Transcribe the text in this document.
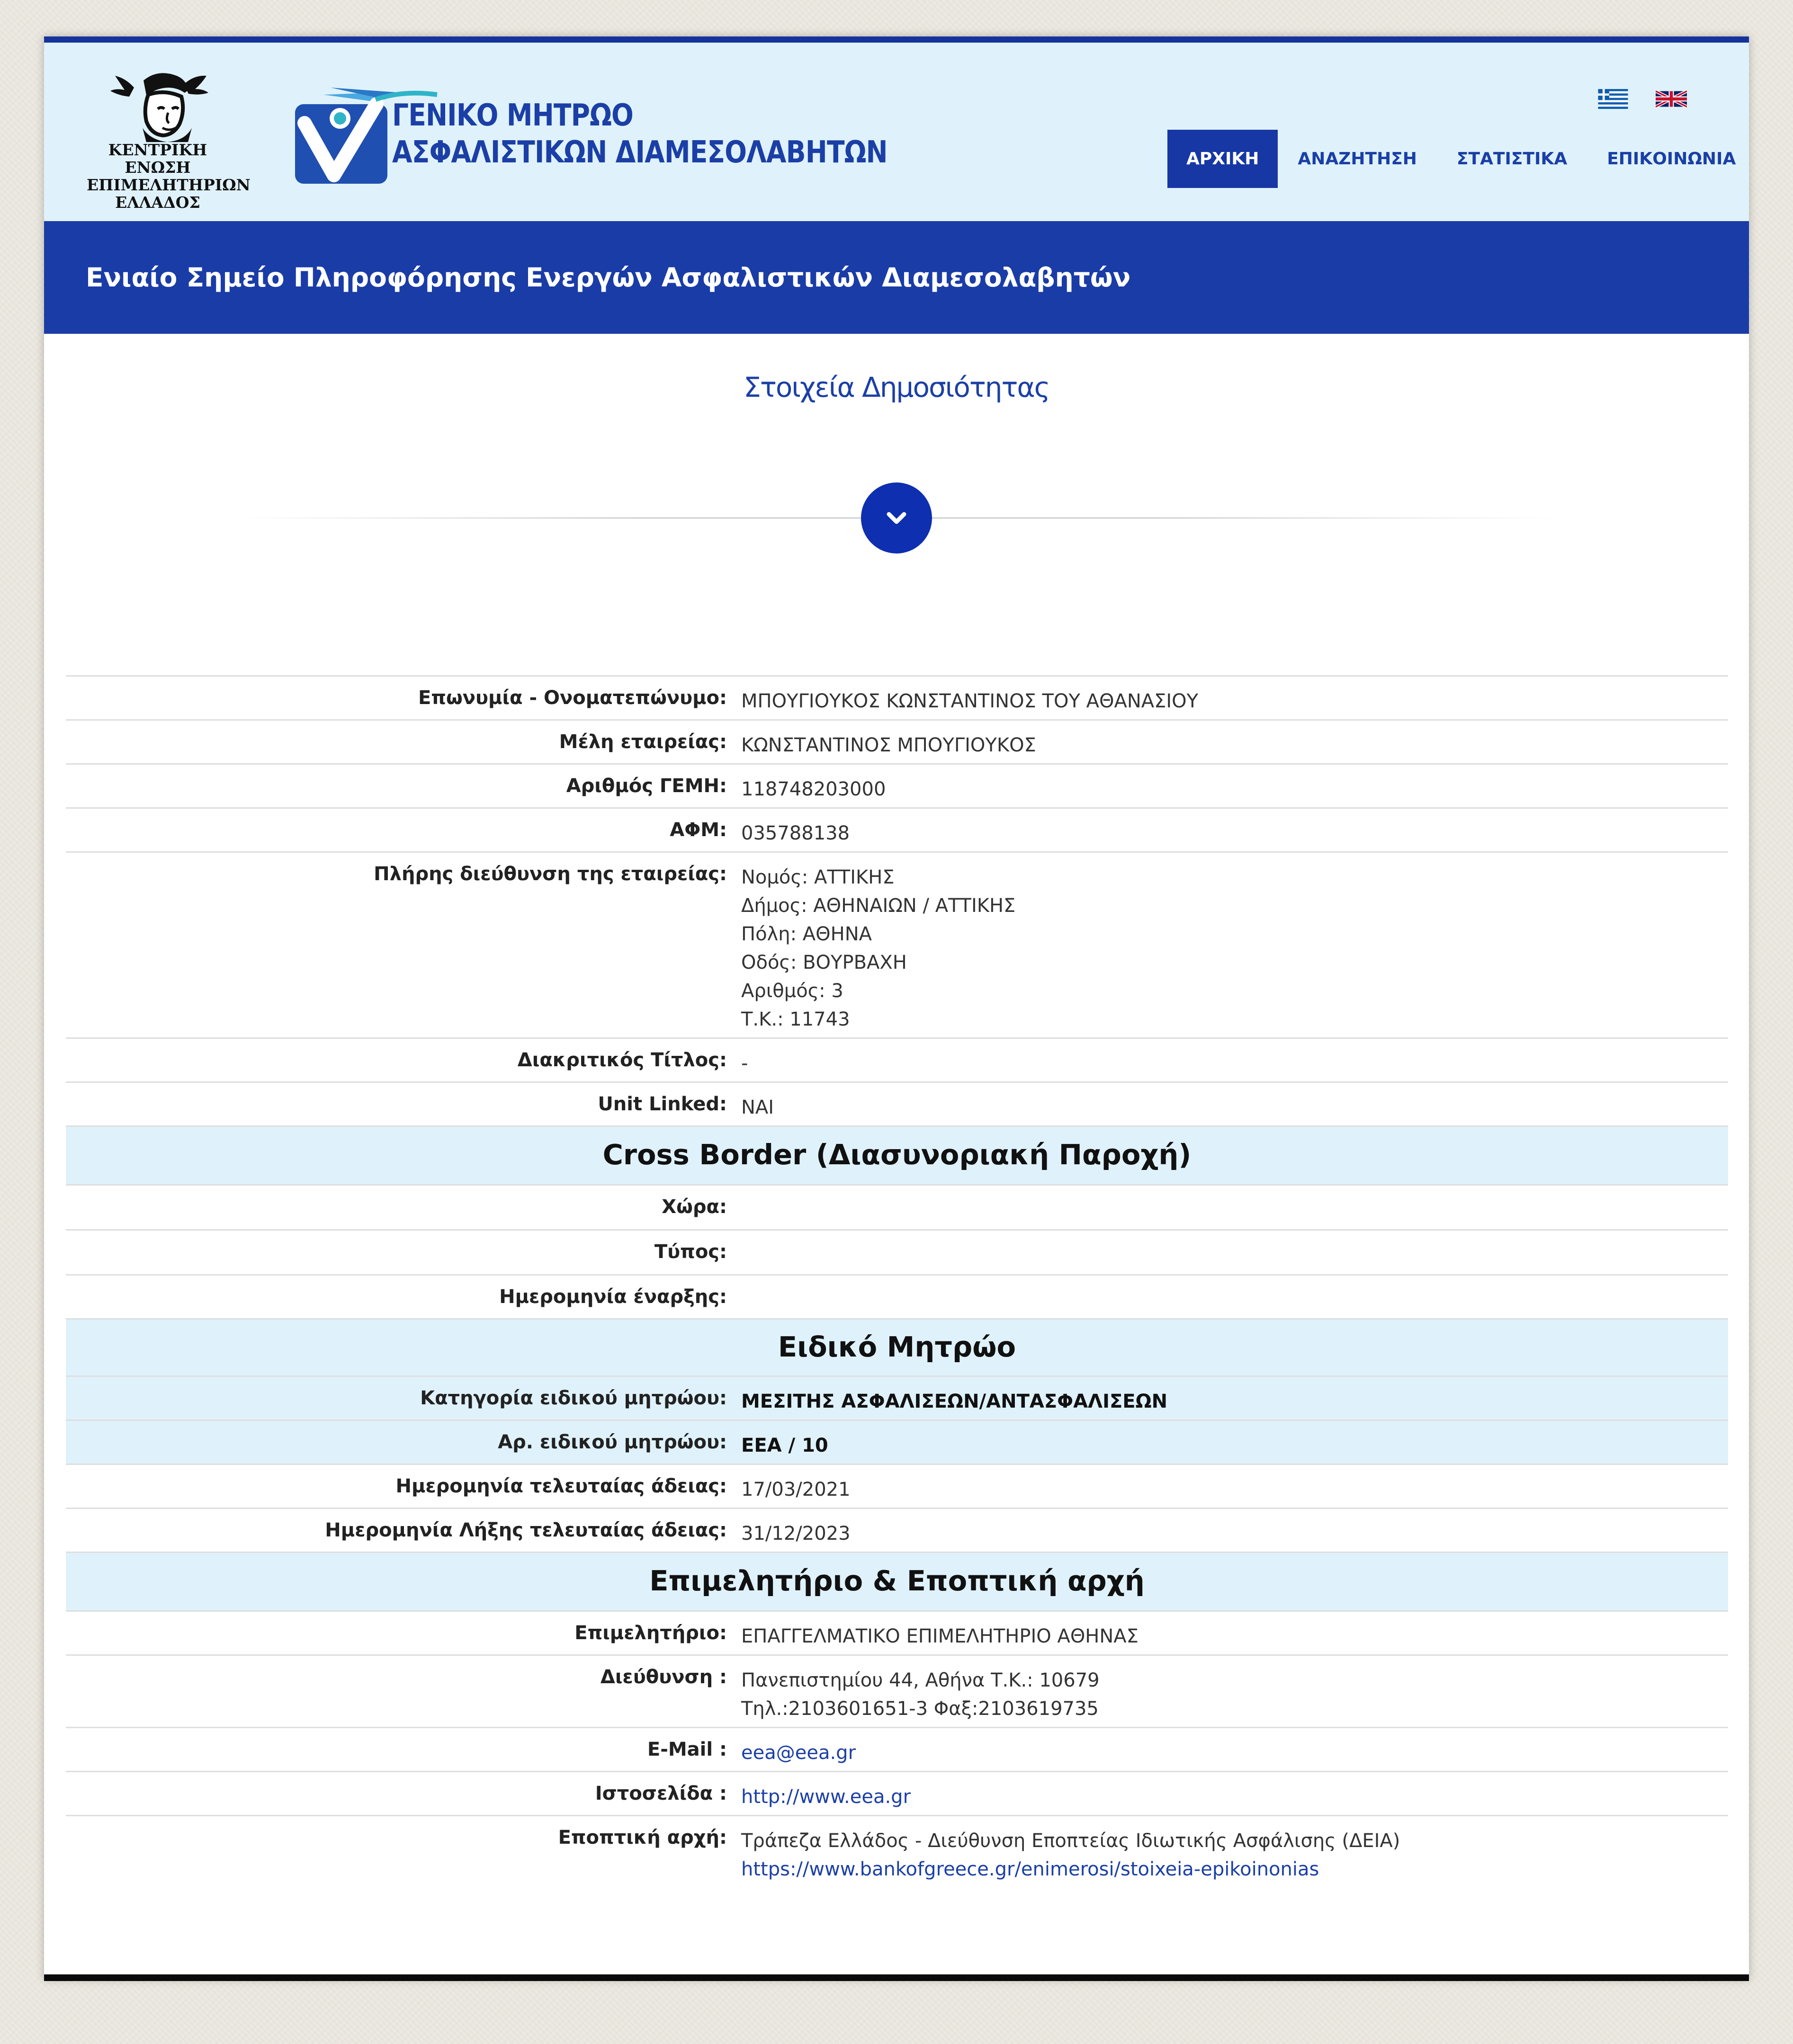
ΚΕΝΤΡΙΚΗ ΕΝΩΣΗ
ΕΠΙΜΕΛΗΤΗΡΙΩΝ
ΕΛΛΑΔΟΣ
ΓΕΝΙΚΟ ΜΗΤΡΩΟ
ΑΣΦΑΛΙΣΤΙΚΩΝ ΔΙΑΜΕΣΟΛΑΒΗΤΩΝ	ΑΡΧΙΚΗ	ΑΝΑΖΗΤΗΣΗ	ΣΤΑΤΙΣΤΙΚΑ	ΕΠΙΚΟΙΝΩΝΙΑ
Ενιαίο Σημείο Πληροφόρησης Ενεργών Ασφαλιστικών Διαμεσολαβητών
Στοιχεία Δημοσιότητας
Επωνυμία - Ονοματεπώνυμο: ΜΠΟΥΓΙΟΥΚΟΣ ΚΩΝΣΤΑΝΤΙΝΟΣ ΤΟΥ ΑΘΑΝΑΣΙΟΥ
Μέλη εταιρείας: ΚΩΝΣΤΑΝΤΙΝΟΣ ΜΠΟΥΓΙΟΥΚΟΣ
Αριθμός ΓΕΜΗ: 118748203000
ΑΦΜ: 035788138
Πλήρης διεύθυνση της εταιρείας: Νομός: ΑΤΤΙΚΗΣ
Δήμος: ΑΘΗΝΑΙΩΝ / ΑΤΤΙΚΗΣ
Πόλη: ΑΘΗΝΑ
Οδός: ΒΟΥΡΒΑΧΗ
Αριθμός: 3
Τ.Κ.: 11743
Διακριτικός Τίτλος: -
Unit Linked: ΝΑΙ
Cross Border (Διασυνοριακή Παροχή)
Χώρα:
Τύπος:
Ημερομηνία έναρξης:
Ειδικό Μητρώο
Κατηγορία ειδικού μητρώου: ΜΕΣΙΤΗΣ ΑΣΦΑΛΙΣΕΩΝ/ΑΝΤΑΣΦΑΛΙΣΕΩΝ
Αρ. ειδικού μητρώου: ΕΕΑ / 10
Ημερομηνία τελευταίας άδειας: 17/03/2021
Ημερομηνία Λήξης τελευταίας άδειας: 31/12/2023
Επιμελητήριο & Εποπτική αρχή
Επιμελητήριο: ΕΠΑΓΓΕΛΜΑΤΙΚΟ ΕΠΙΜΕΛΗΤΗΡΙΟ ΑΘΗΝΑΣ
Διεύθυνση : Πανεπιστημίου 44, Αθήνα Τ.Κ.: 10679
Τηλ.:2103601651-3 Φαξ:2103619735
E-Mail : eea@eea.gr
Ιστοσελίδα : http://www.eea.gr
Εποπτική αρχή: Τράπεζα Ελλάδος - Διεύθυνση Εποπτείας Ιδιωτικής Ασφάλισης (ΔΕΙΑ)
https://www.bankofgreece.gr/enimerosi/stoixeia-epikoinonias
